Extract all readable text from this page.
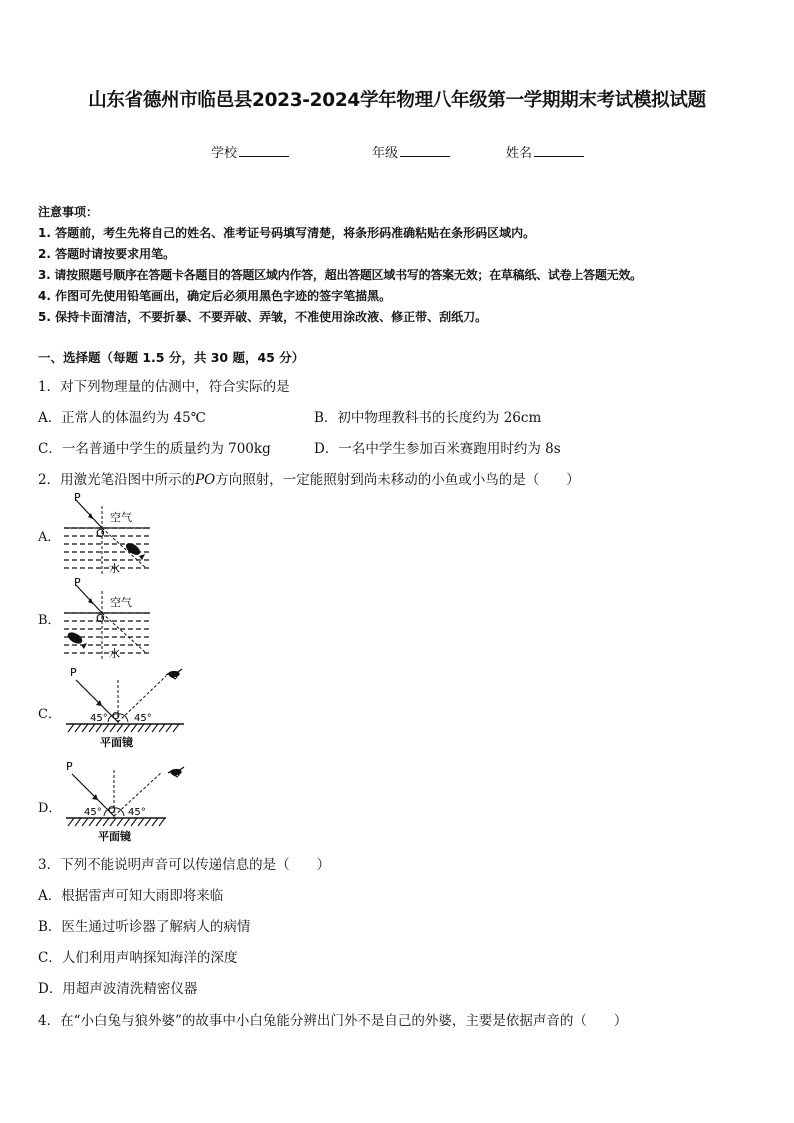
山东省德州市临邑县2023-2024学年物理八年级第一学期期末考试模拟试题
学校	年级	姓名
注意事项：
1. 答题前，考生先将自己的姓名、准考证号码填写清楚，将条形码准确粘贴在条形码区域内。
2. 答题时请按要求用笔。
3. 请按照题号顺序在答题卡各题目的答题区域内作答，超出答题区域书写的答案无效；在草稿纸、试卷上答题无效。
4. 作图可先使用铅笔画出，确定后必须用黑色字迹的签字笔描黑。
5. 保持卡面清洁，不要折暴、不要弄破、弄皱，不准使用涂改液、修正带、刮纸刀。
一、选择题（每题 1.5 分，共 30 题，45 分）
1．对下列物理量的估测中，符合实际的是
A．正常人的体温约为 45℃	B．初中物理教科书的长度约为 26cm
C．一名普通中学生的质量约为 700kg	D．一名中学生参加百米赛跑用时约为 8s
2．用激光笔沿图中所示的PO方向照射，一定能照射到尚未移动的小鱼或小鸟的是（　　）
A．
B．
C．
D．
P
O
空气
水
P
O
空气
水
P
O
45°	45°
平面镜
P
O
45°	45°
平面镜
3．下列不能说明声音可以传递信息的是（　　）
A．根据雷声可知大雨即将来临
B．医生通过听诊器了解病人的病情
C．人们利用声呐探知海洋的深度
D．用超声波清洗精密仪器
4．在“小白兔与狼外婆”的故事中小白兔能分辨出门外不是自己的外婆，主要是依据声音的（　　）
